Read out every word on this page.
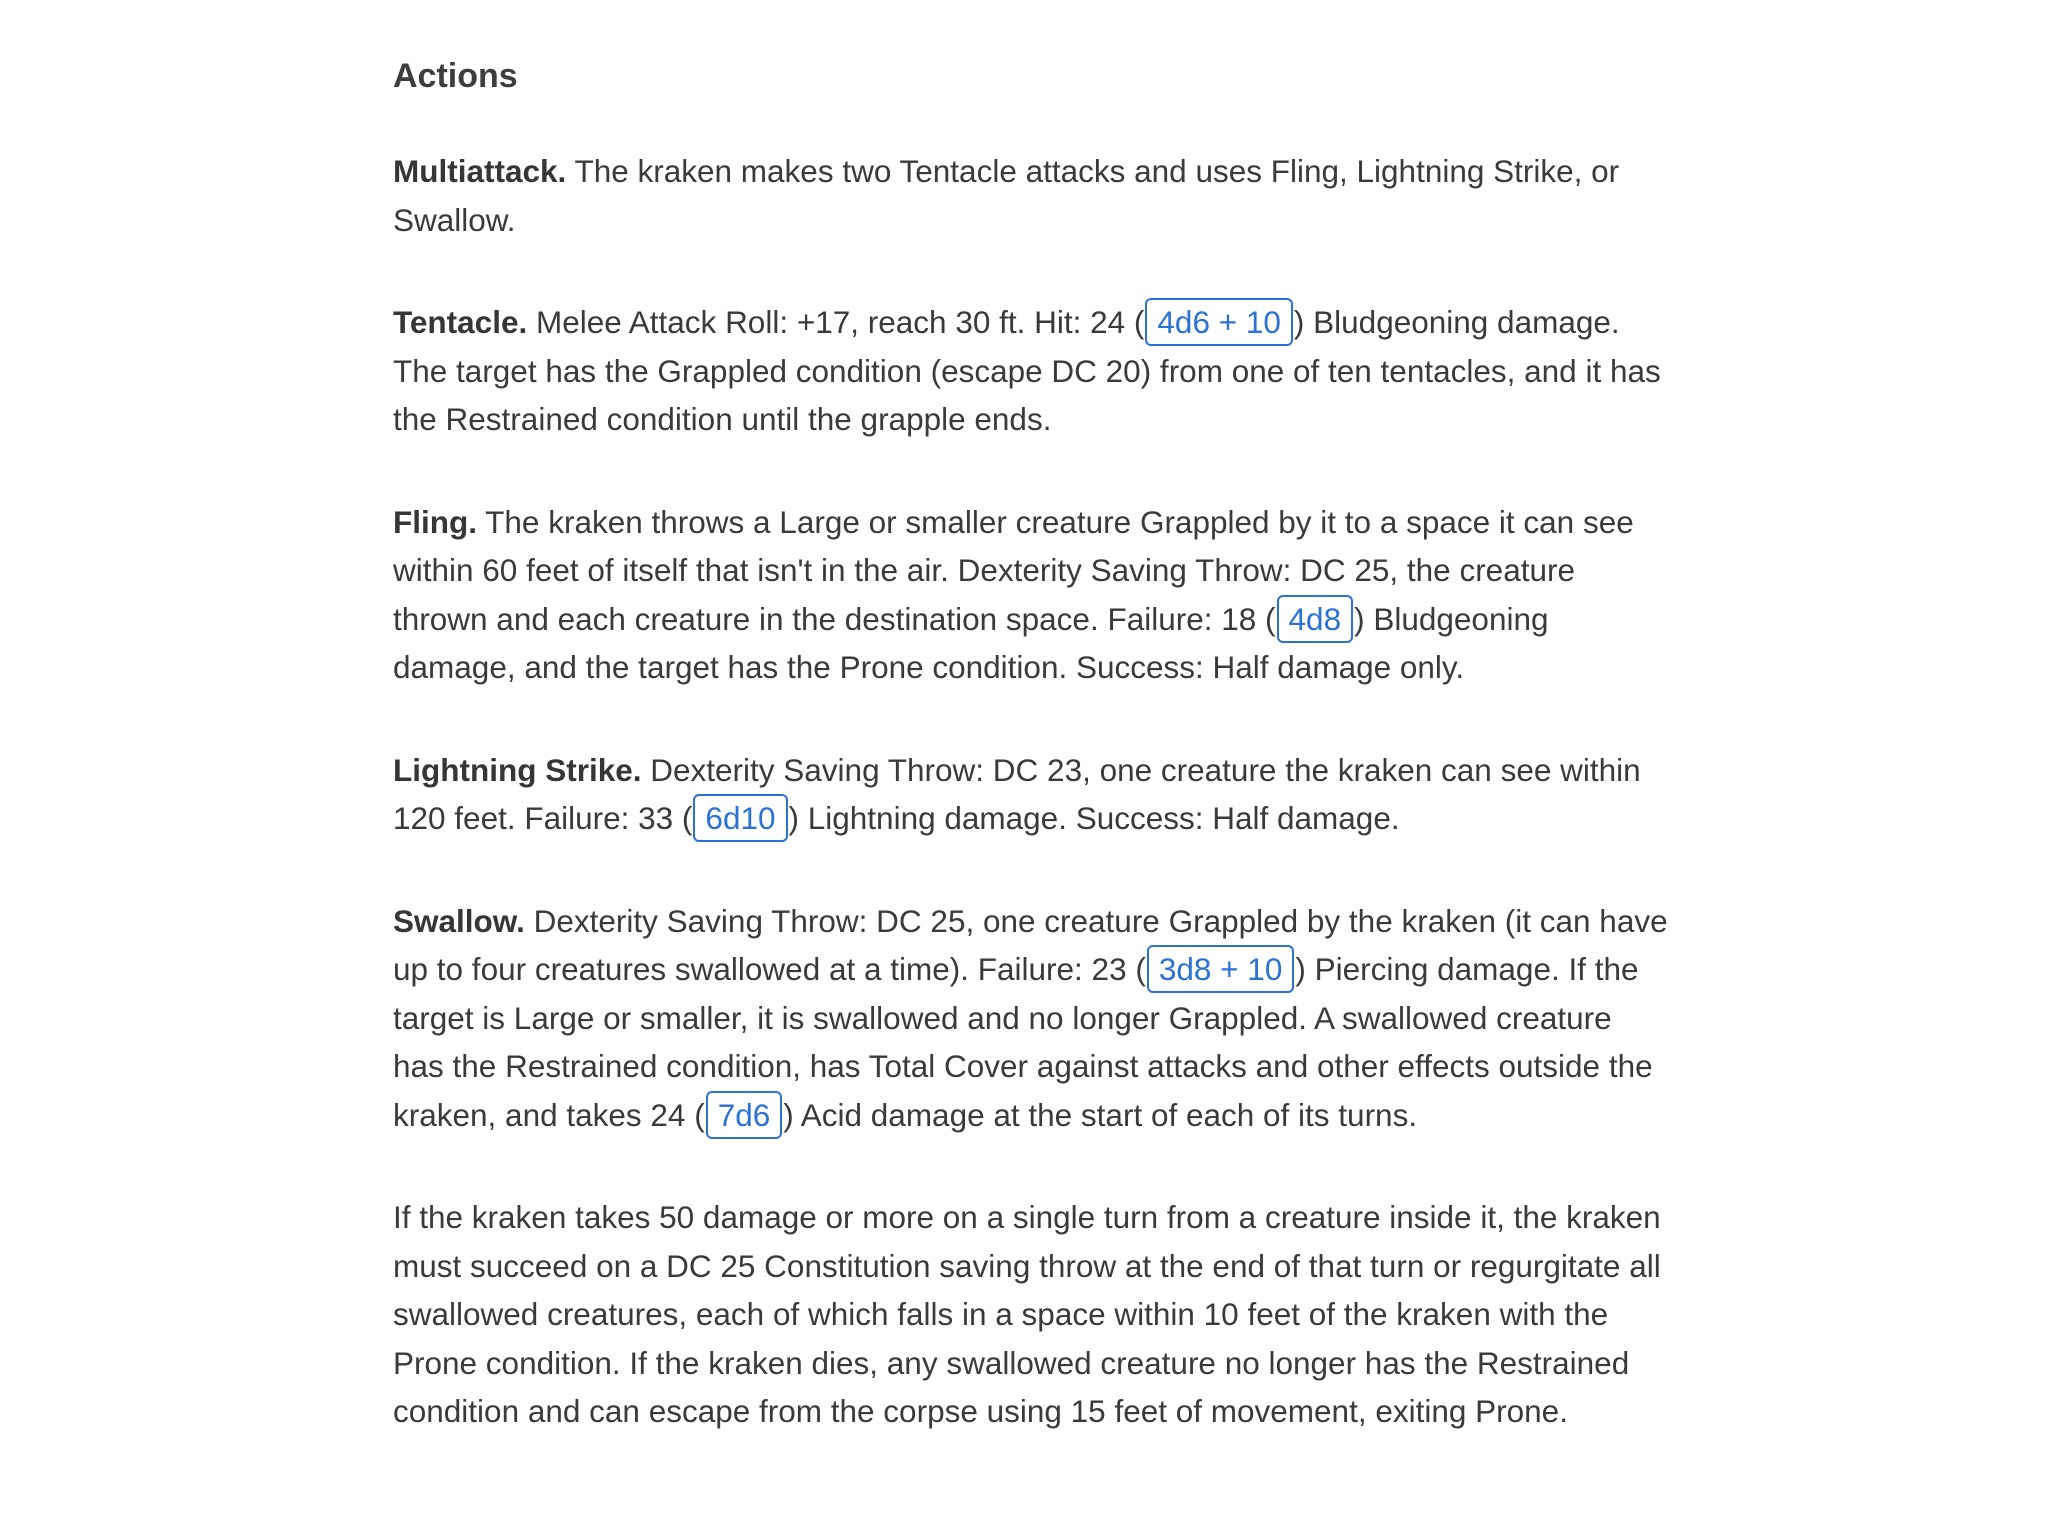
Actions

Multiattack. The kraken makes two Tentacle attacks and uses Fling, Lightning Strike, or Swallow.

Tentacle. Melee Attack Roll: +17, reach 30 ft. Hit: 24 ( 4d6 + 10 ) Bludgeoning damage. The target has the Grappled condition (escape DC 20) from one of ten tentacles, and it has the Restrained condition until the grapple ends.

Fling. The kraken throws a Large or smaller creature Grappled by it to a space it can see within 60 feet of itself that isn't in the air. Dexterity Saving Throw: DC 25, the creature thrown and each creature in the destination space. Failure: 18 ( 4d8 ) Bludgeoning damage, and the target has the Prone condition. Success: Half damage only.

Lightning Strike. Dexterity Saving Throw: DC 23, one creature the kraken can see within 120 feet. Failure: 33 ( 6d10 ) Lightning damage. Success: Half damage.

Swallow. Dexterity Saving Throw: DC 25, one creature Grappled by the kraken (it can have up to four creatures swallowed at a time). Failure: 23 ( 3d8 + 10 ) Piercing damage. If the target is Large or smaller, it is swallowed and no longer Grappled. A swallowed creature has the Restrained condition, has Total Cover against attacks and other effects outside the kraken, and takes 24 ( 7d6 ) Acid damage at the start of each of its turns.

If the kraken takes 50 damage or more on a single turn from a creature inside it, the kraken must succeed on a DC 25 Constitution saving throw at the end of that turn or regurgitate all swallowed creatures, each of which falls in a space within 10 feet of the kraken with the Prone condition. If the kraken dies, any swallowed creature no longer has the Restrained condition and can escape from the corpse using 15 feet of movement, exiting Prone.
